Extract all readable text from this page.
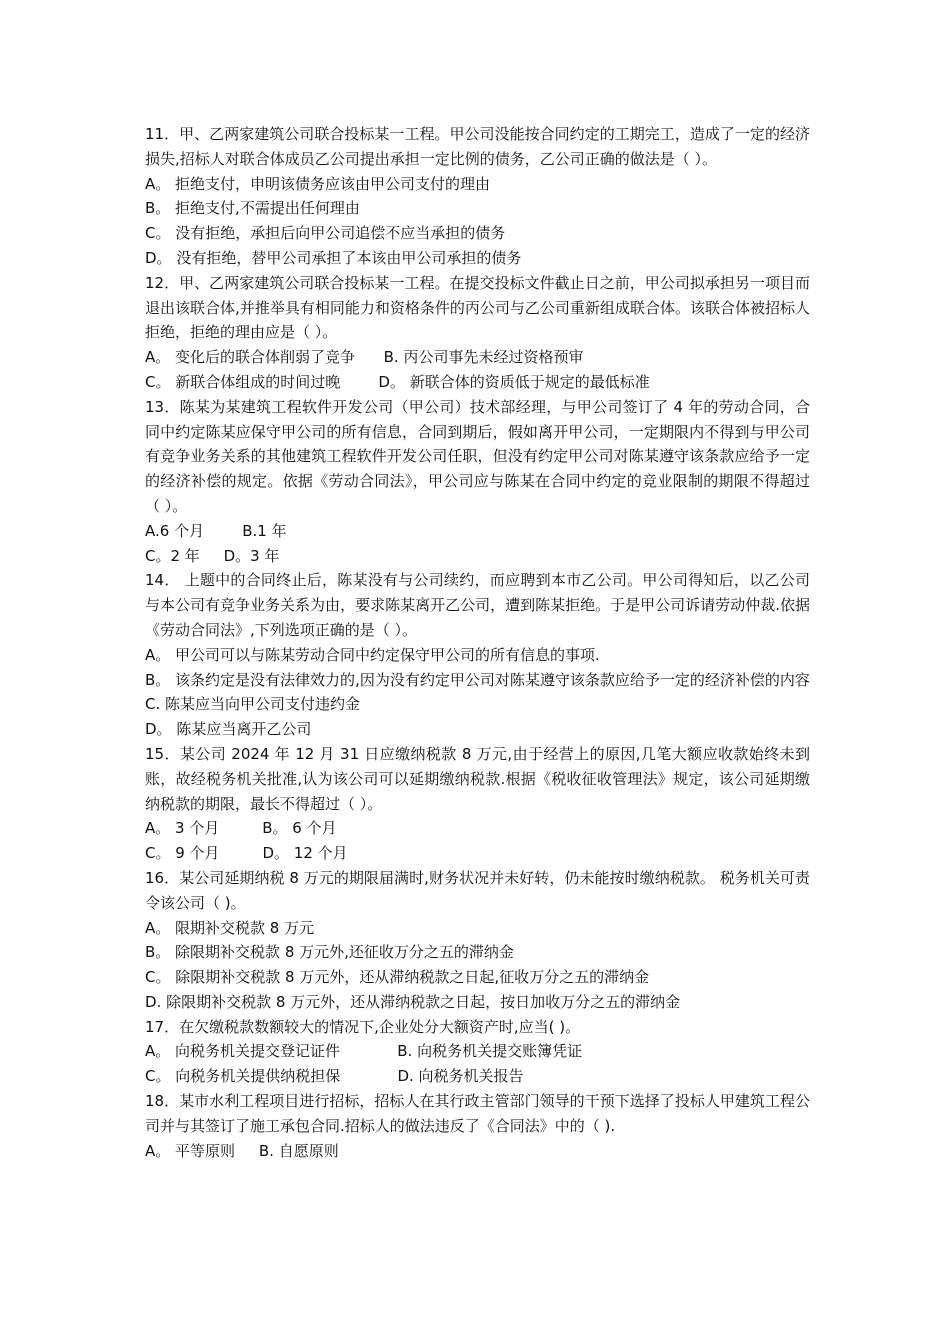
11．甲、乙两家建筑公司联合投标某一工程。甲公司没能按合同约定的工期完工，造成了一定的经济损失,招标人对联合体成员乙公司提出承担一定比例的债务，乙公司正确的做法是（ ）。

A。 拒绝支付，申明该债务应该由甲公司支付的理由

B。 拒绝支付,不需提出任何理由

C。 没有拒绝，承担后向甲公司追偿不应当承担的债务

D。 没有拒绝，替甲公司承担了本该由甲公司承担的债务

12．甲、乙两家建筑公司联合投标某一工程。在提交投标文件截止日之前，甲公司拟承担另一项目而退出该联合体,并推举具有相同能力和资格条件的丙公司与乙公司重新组成联合体。该联合体被招标人拒绝，拒绝的理由应是（ ）。

A。 变化后的联合体削弱了竞争      B. 丙公司事先未经过资格预审

C。 新联合体组成的时间过晚        D。 新联合体的资质低于规定的最低标准

13．陈某为某建筑工程软件开发公司（甲公司）技术部经理，与甲公司签订了 4 年的劳动合同，合同中约定陈某应保守甲公司的所有信息，合同到期后，假如离开甲公司，一定期限内不得到与甲公司有竞争业务关系的其他建筑工程软件开发公司任职，但没有约定甲公司对陈某遵守该条款应给予一定的经济补偿的规定。依据《劳动合同法》，甲公司应与陈某在合同中约定的竞业限制的期限不得超过（ ）。

A.6 个月        B.1 年

C。2 年     D。3 年

14． 上题中的合同终止后，陈某没有与公司续约，而应聘到本市乙公司。甲公司得知后，以乙公司与本公司有竞争业务关系为由，要求陈某离开乙公司，遭到陈某拒绝。于是甲公司诉请劳动仲裁.依据《劳动合同法》,下列选项正确的是（ ）。

A。 甲公司可以与陈某劳动合同中约定保守甲公司的所有信息的事项.

B。 该条约定是没有法律效力的,因为没有约定甲公司对陈某遵守该条款应给予一定的经济补偿的内容

C. 陈某应当向甲公司支付违约金

D。 陈某应当离开乙公司

15．某公司 2024 年 12 月 31 日应缴纳税款 8 万元,由于经营上的原因,几笔大额应收款始终未到账，故经税务机关批准,认为该公司可以延期缴纳税款.根据《税收征收管理法》规定，该公司延期缴纳税款的期限，最长不得超过（ ）。

A。 3 个月         B。 6 个月

C。 9 个月         D。 12 个月

16．某公司延期纳税 8 万元的期限届满时,财务状况并未好转，仍未能按时缴纳税款。 税务机关可责令该公司（ )。

A。 限期补交税款 8 万元

B。 除限期补交税款 8 万元外,还征收万分之五的滞纳金

C。 除限期补交税款 8 万元外，还从滞纳税款之日起,征收万分之五的滞纳金

D. 除限期补交税款 8 万元外，还从滞纳税款之日起，按日加收万分之五的滞纳金

17．在欠缴税款数额较大的情况下,企业处分大额资产时,应当( )。

A。 向税务机关提交登记证件            B. 向税务机关提交账簿凭证

C。 向税务机关提供纳税担保            D. 向税务机关报告

18．某市水利工程项目进行招标，招标人在其行政主管部门领导的干预下选择了投标人甲建筑工程公司并与其签订了施工承包合同.招标人的做法违反了《合同法》中的（ ).

A。 平等原则     B. 自愿原则
